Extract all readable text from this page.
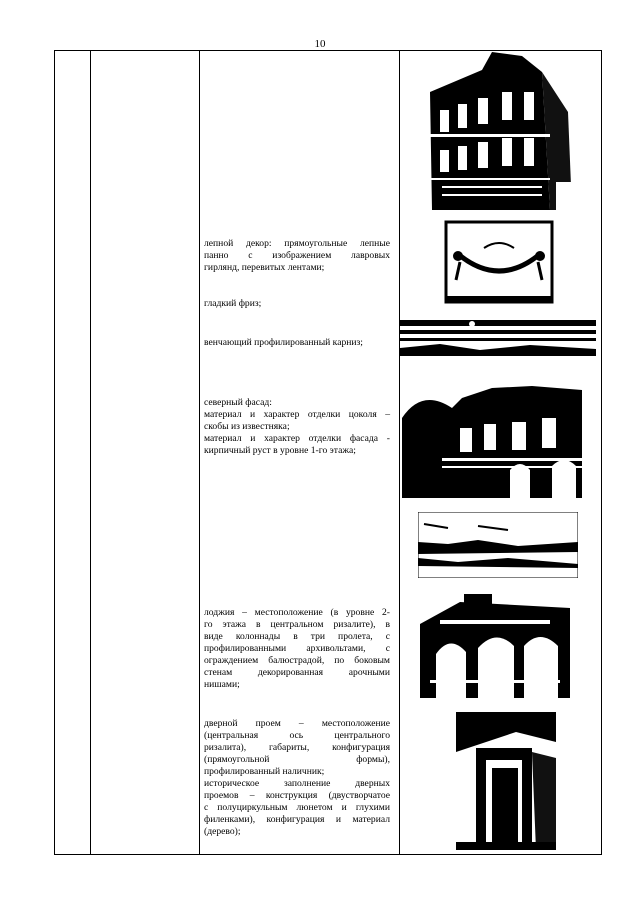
10

лепной декор: прямоугольные лепные

панно с изображением лавровых

гирлянд, перевитых лентами;

гладкий фриз;

венчающий профилированный карниз;

северный фасад:

материал и характер отделки цоколя –

скобы из известняка;

материал и характер отделки фасада -

кирпичный руст в уровне 1-го этажа;

лоджия – местоположение (в уровне 2-

го этажа в центральном ризалите), в

виде колоннады в три пролета, с

профилированными архивольтами, с

ограждением балюстрадой, по боковым

стенам декорированная арочными

нишами;

дверной проем – местоположение

(центральная ось центрального

ризалита), габариты, конфигурация

(прямоугольной формы),

профилированный наличник;

историческое заполнение дверных

проемов – конструкция (двустворчатое

с полуциркульным люнетом и глухими

филенками), конфигурация и материал

(дерево);
